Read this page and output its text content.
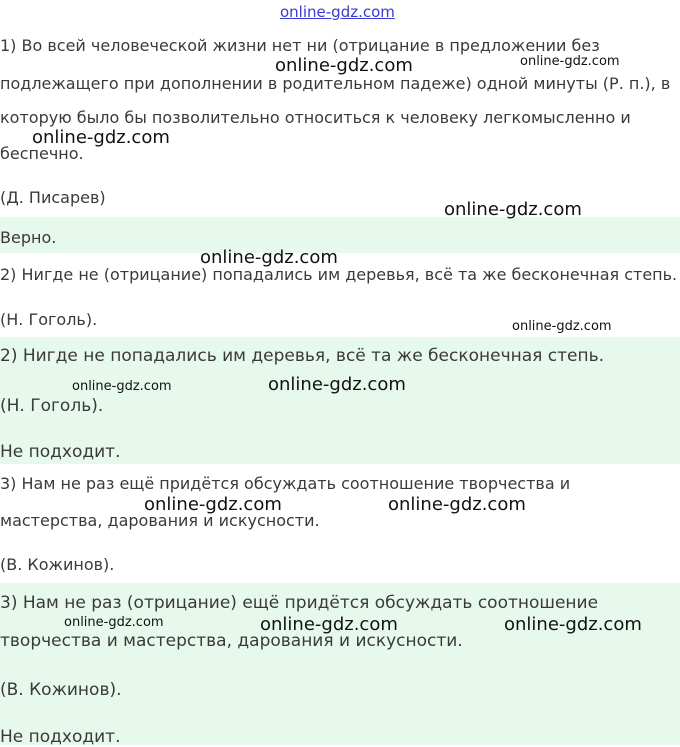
1) Во всей человеческой жизни нет ни (отрицание в предложении без
подлежащего при дополнении в родительном падеже) одной минуты (Р. п.), в
которую было бы позволительно относиться к человеку легкомысленно и
беспечно.
(Д. Писарев)
Верно.
2) Нигде не (отрицание) попадались им деревья, всё та же бесконечная степь.
(Н. Гоголь).
2) Нигде не попадались им деревья, всё та же бесконечная степь.
(Н. Гоголь).
Не подходит.
3) Нам не раз ещё придётся обсуждать соотношение творчества и
мастерства, дарования и искусности.
(В. Кожинов).
3) Нам не раз (отрицание) ещё придётся обсуждать соотношение
творчества и мастерства, дарования и искусности.
(В. Кожинов).
Не подходит.
online-gdz.com
online-gdz.com	online-gdz.com
online-gdz.com
online-gdz.com
online-gdz.com
online-gdz.com
online-gdz.com	online-gdz.com
online-gdz.com	online-gdz.com
online-gdz.com	online-gdz.com	online-gdz.com
